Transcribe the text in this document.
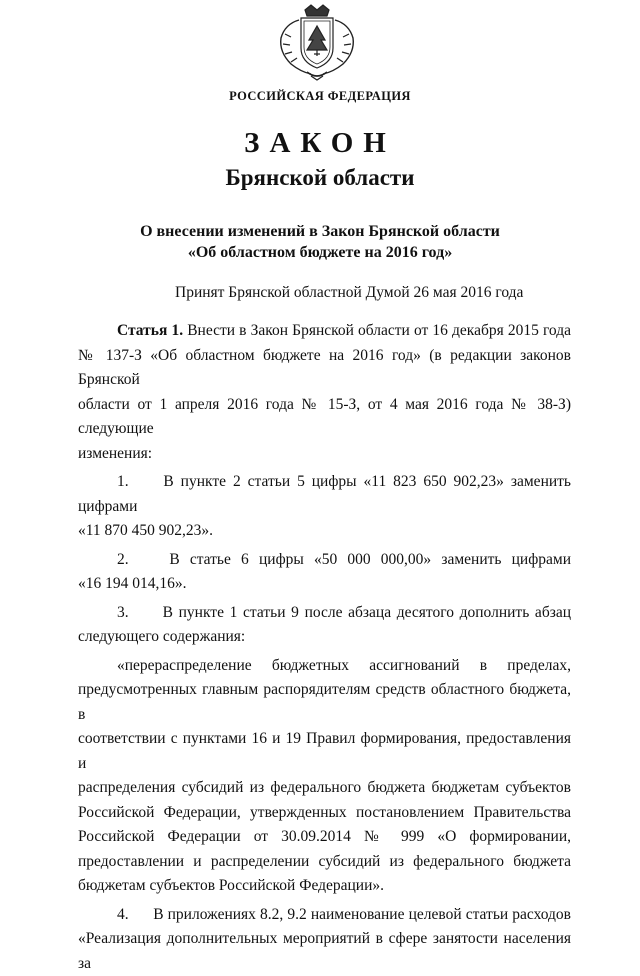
РОССИЙСКАЯ ФЕДЕРАЦИЯ
ЗАКОН
Брянской области
О внесении изменений в Закон Брянской области
«Об областном бюджете на 2016 год»
Принят Брянской областной Думой 26 мая 2016 года
Статья 1. Внести в Закон Брянской области от 16 декабря 2015 года
№ 137-З «Об областном бюджете на 2016 год» (в редакции законов Брянской
области от 1 апреля 2016 года № 15-З, от 4 мая 2016 года № 38-З) следующие
изменения:
1. В пункте 2 статьи 5 цифры «11 823 650 902,23» заменить цифрами
«11 870 450 902,23».
2.	В статье 6 цифры «50 000 000,00» заменить цифрами
«16 194 014,16».
3. В пункте 1 статьи 9 после абзаца десятого дополнить абзац
следующего содержания:
«перераспределение бюджетных ассигнований в пределах,
предусмотренных главным распорядителям средств областного бюджета, в
соответствии с пунктами 16 и 19 Правил формирования, предоставления и
распределения субсидий из федерального бюджета бюджетам субъектов
Российской Федерации, утвержденных постановлением Правительства
Российской Федерации от 30.09.2014 № 999 «О формировании,
предоставлении и распределении субсидий из федерального бюджета
бюджетам субъектов Российской Федерации».
4. В приложениях 8.2, 9.2 наименование целевой статьи расходов
«Реализация дополнительных мероприятий в сфере занятости населения за
